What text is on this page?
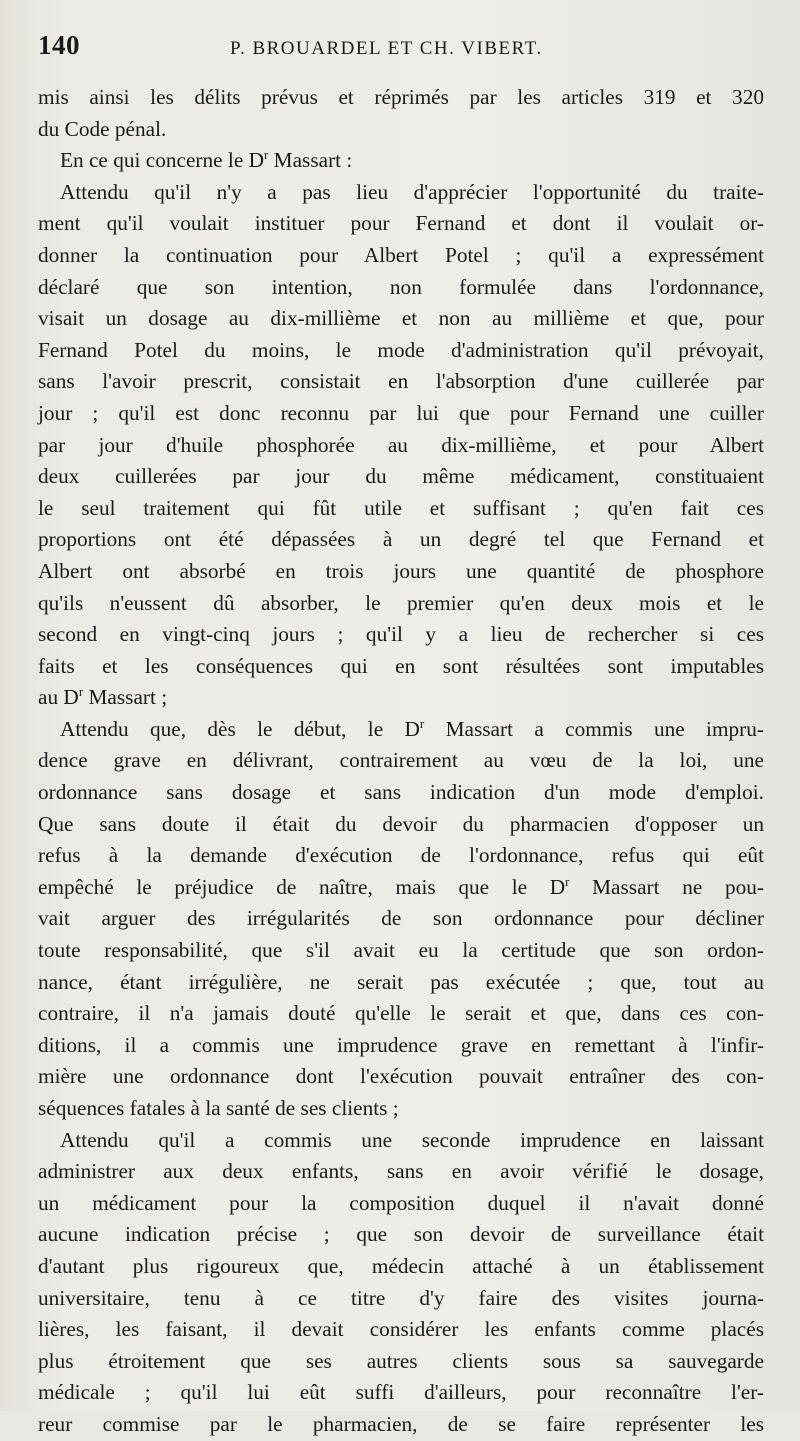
140	P. BROUARDEL ET CH. VIBERT.
mis ainsi les délits prévus et réprimés par les articles 319 et 320
du Code pénal.
En ce qui concerne le $D^r$ Massart :
Attendu qu'il n'y a pas lieu d'apprécier l'opportunité du traite-
ment qu'il voulait instituer pour Fernand et dont il voulait or-
donner la continuation pour Albert Potel ; qu'il a expressément
déclaré que son intention, non formulée dans l'ordonnance,
visait un dosage au dix-millième et non au millième et que, pour
Fernand Potel du moins, le mode d'administration qu'il prévoyait,
sans l'avoir prescrit, consistait en l'absorption d'une cuillerée par
jour ; qu'il est donc reconnu par lui que pour Fernand une cuiller
par jour d'huile phosphorée au dix-millième, et pour Albert
deux cuillerées par jour du même médicament, constituaient
le seul traitement qui fût utile et suffisant ; qu'en fait ces
proportions ont été dépassées à un degré tel que Fernand et
Albert ont absorbé en trois jours une quantité de phosphore
qu'ils n'eussent dû absorber, le premier qu'en deux mois et le
second en vingt-cinq jours ; qu'il y a lieu de rechercher si ces
faits et les conséquences qui en sont résultées sont imputables
au $D^r$ Massart ;
Attendu que, dès le début, le $D^r$ Massart a commis une impru-
dence grave en délivrant, contrairement au vœu de la loi, une
ordonnance sans dosage et sans indication d'un mode d'emploi.
Que sans doute il était du devoir du pharmacien d'opposer un
refus à la demande d'exécution de l'ordonnance, refus qui eût
empêché le préjudice de naître, mais que le $D^r$ Massart ne pou-
vait arguer des irrégularités de son ordonnance pour décliner
toute responsabilité, que s'il avait eu la certitude que son ordon-
nance, étant irrégulière, ne serait pas exécutée ; que, tout au
contraire, il n'a jamais douté qu'elle le serait et que, dans ces con-
ditions, il a commis une imprudence grave en remettant à l'infir-
mière une ordonnance dont l'exécution pouvait entraîner des con-
séquences fatales à la santé de ses clients ;
Attendu qu'il a commis une seconde imprudence en laissant
administrer aux deux enfants, sans en avoir vérifié le dosage,
un médicament pour la composition duquel il n'avait donné
aucune indication précise ; que son devoir de surveillance était
d'autant plus rigoureux que, médecin attaché à un établissement
universitaire, tenu à ce titre d'y faire des visites journa-
lières, les faisant, il devait considérer les enfants comme placés
plus étroitement que ses autres clients sous sa sauvegarde
médicale ; qu'il lui eût suffi d'ailleurs, pour reconnaître l'er-
reur commise par le pharmacien, de se faire représenter les
